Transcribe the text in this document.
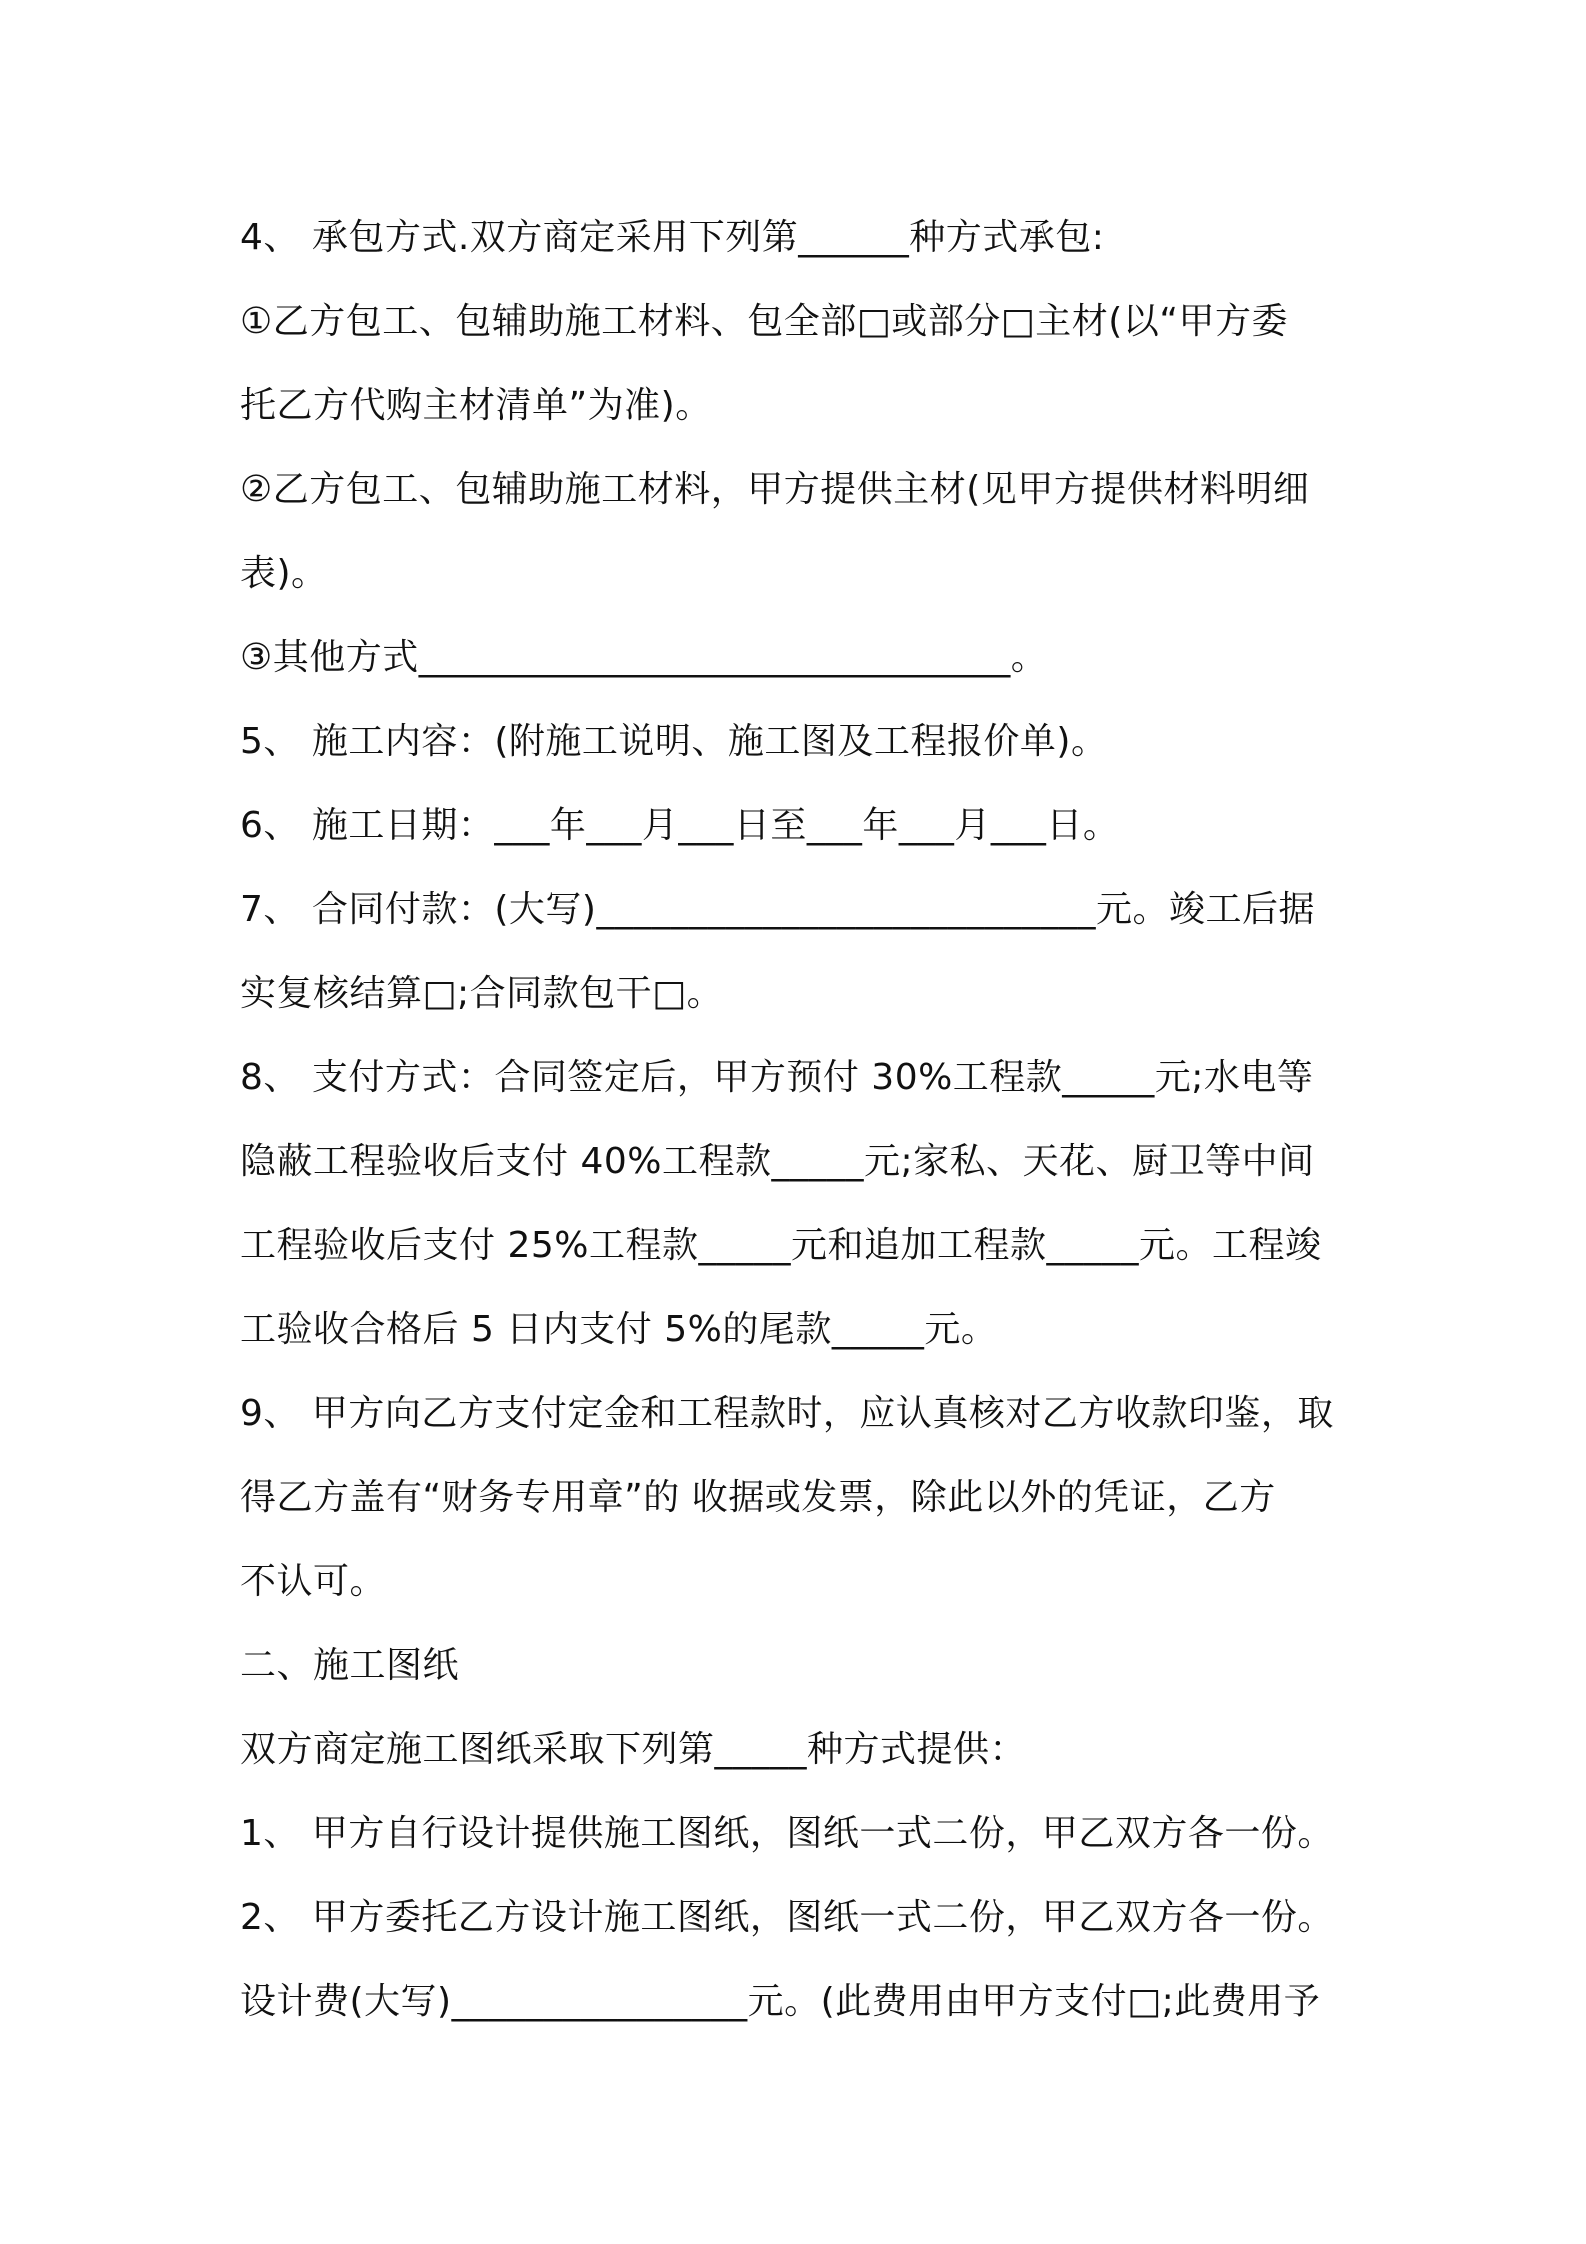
4、 承包方式.双方商定采用下列第______种方式承包:
①乙方包工、包辅助施工材料、包全部□或部分□主材(以“甲方委
托乙方代购主材清单”为准)。
②乙方包工、包辅助施工材料，甲方提供主材(见甲方提供材料明细
表)。
③其他方式________________________________。
5、 施工内容：(附施工说明、施工图及工程报价单)。
6、 施工日期：___年___月___日至___年___月___日。
7、 合同付款：(大写)___________________________元。竣工后据
实复核结算□;合同款包干□。
8、 支付方式：合同签定后，甲方预付 30%工程款_____元;水电等
隐蔽工程验收后支付 40%工程款_____元;家私、天花、厨卫等中间
工程验收后支付 25%工程款_____元和追加工程款_____元。工程竣
工验收合格后 5 日内支付 5%的尾款_____元。
9、 甲方向乙方支付定金和工程款时，应认真核对乙方收款印鉴，取
得乙方盖有“财务专用章”的 收据或发票，除此以外的凭证，乙方
不认可。
二、施工图纸
双方商定施工图纸采取下列第_____种方式提供：
1、 甲方自行设计提供施工图纸，图纸一式二份，甲乙双方各一份。
2、 甲方委托乙方设计施工图纸，图纸一式二份，甲乙双方各一份。
设计费(大写)________________元。(此费用由甲方支付□;此费用予
